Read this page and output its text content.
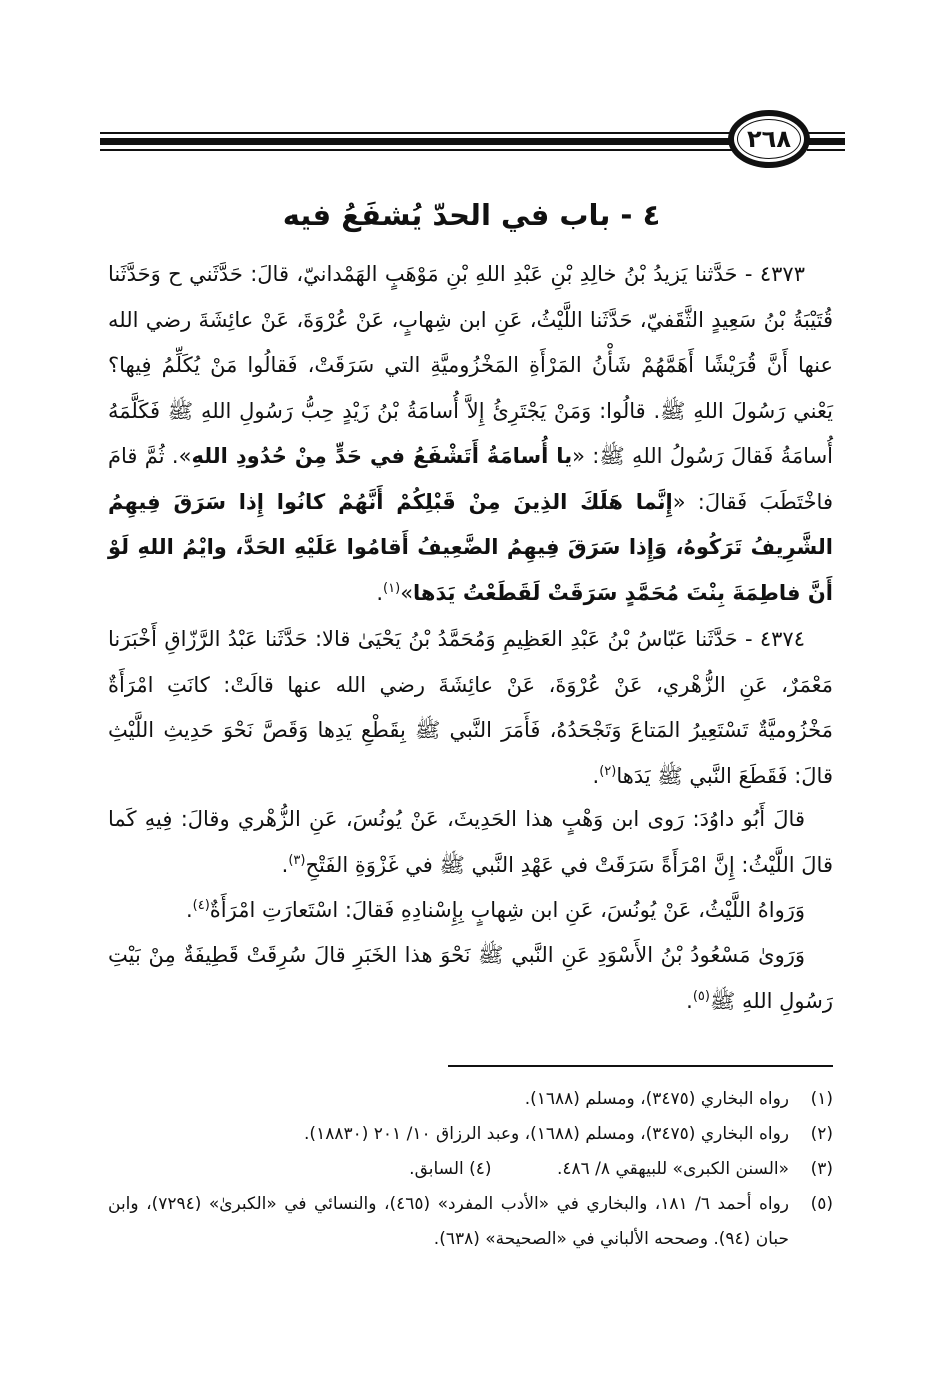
٢٦٨
٤ - باب في الحدّ يُشفَعُ فيه

٤٣٧٣ - حَدَّثنا يَزيدُ بْنُ خالِدِ بْنِ عَبْدِ اللهِ بْنِ مَوْهَبٍ الهَمْدانيّ، قالَ: حَدَّثَني ح وَحَدَّثَنا قُتَيْبَةُ بْنُ سَعِيدٍ الثَّقَفيّ، حَدَّثَنا اللَّيْثُ، عَنِ ابن شِهابٍ، عَنْ عُرْوَةَ، عَنْ عائِشَةَ رضي الله عنها أَنَّ قُرَيْشًا أَهَمَّهُمْ شَأْنُ المَرْأَةِ المَخْزُوميَّةِ التي سَرَقَتْ، فَقالُوا مَنْ يُكَلِّمُ فِيها؟ يَعْني رَسُولَ اللهِ ﷺ. قالُوا: وَمَنْ يَجْتَرِئُ إِلاَّ أُسامَةُ بْنُ زَيْدٍ حِبُّ رَسُولِ اللهِ ﷺ فَكَلَّمَهُ أُسامَةُ فَقالَ رَسُولُ اللهِ ﷺ: «يا أُسامَةُ أَتَشْفَعُ في حَدٍّ مِنْ حُدُودِ اللهِ». ثُمَّ قامَ فاخْتَطَبَ فَقالَ: «إِنَّما هَلَكَ الذِينَ مِنْ قَبْلِكُمْ أَنَّهُمْ كانُوا إِذا سَرَقَ فِيهِمُ الشَّرِيفُ تَرَكُوهُ، وَإِذا سَرَقَ فِيهِمُ الضَّعِيفُ أَقامُوا عَلَيْهِ الحَدَّ، وايْمُ اللهِ لَوْ أَنَّ فاطِمَةَ بِنْتَ مُحَمَّدٍ سَرَقَتْ لَقَطَعْتُ يَدَها»$^{(١)}$.

٤٣٧٤ - حَدَّثَنا عَبّاسُ بْنُ عَبْدِ العَظِيمِ وَمُحَمَّدُ بْنُ يَحْيَىٰ قالا: حَدَّثَنا عَبْدُ الرَّزّاقِ أَخْبَرَنا مَعْمَرٌ، عَنِ الزُّهْري، عَنْ عُرْوَةَ، عَنْ عائِشَةَ رضي الله عنها قالَتْ: كانَتِ امْرَأَةٌ مَخْزُوميَّةٌ تَسْتَعِيرُ المَتاعَ وَتَجْحَدُهُ، فَأَمَرَ النَّبي ﷺ بِقَطْعِ يَدِها وَقَصَّ نَحْوَ حَدِيثِ اللَّيْثِ قالَ: فَقَطَعَ النَّبي ﷺ يَدَها$^{(٢)}$.

قالَ أَبُو داوُدَ: رَوى ابن وَهْبٍ هذا الحَدِيثَ، عَنْ يُونُسَ، عَنِ الزُّهْري وقالَ: فِيهِ كَما قالَ اللَّيْثُ: إِنَّ امْرَأَةً سَرَقَتْ في عَهْدِ النَّبي ﷺ في غَزْوَةِ الفَتْحِ$^{(٣)}$.

وَرَواهُ اللَّيْثُ، عَنْ يُونُسَ، عَنِ ابن شِهابٍ بِإِسْنادِهِ فَقالَ: اسْتَعارَتِ امْرَأَةٌ$^{(٤)}$.

وَرَوىٰ مَسْعُودُ بْنُ الأَسْوَدِ عَنِ النَّبي ﷺ نَحْوَ هذا الخَبَرِ قالَ سُرِقَتْ قَطِيفَةٌ مِنْ بَيْتِ رَسُولِ اللهِ ﷺ$^{(٥)}$.

(١)
رواه البخاري (٣٤٧٥)، ومسلم (١٦٨٨).
(٢)
رواه البخاري (٣٤٧٥)، ومسلم (١٦٨٨)، وعبد الرزاق ١٠/ ٢٠١ (١٨٨٣٠).
(٣)
«السنن الكبرى» للبيهقي ٨/ ٤٨٦. (٤) السابق.
(٥)
رواه أحمد ٦/ ١٨١، والبخاري في «الأدب المفرد» (٤٦٥)، والنسائي في «الكبرىٰ» (٧٢٩٤)، وابن حبان (٩٤). وصححه الألباني في «الصحيحة» (٦٣٨).
